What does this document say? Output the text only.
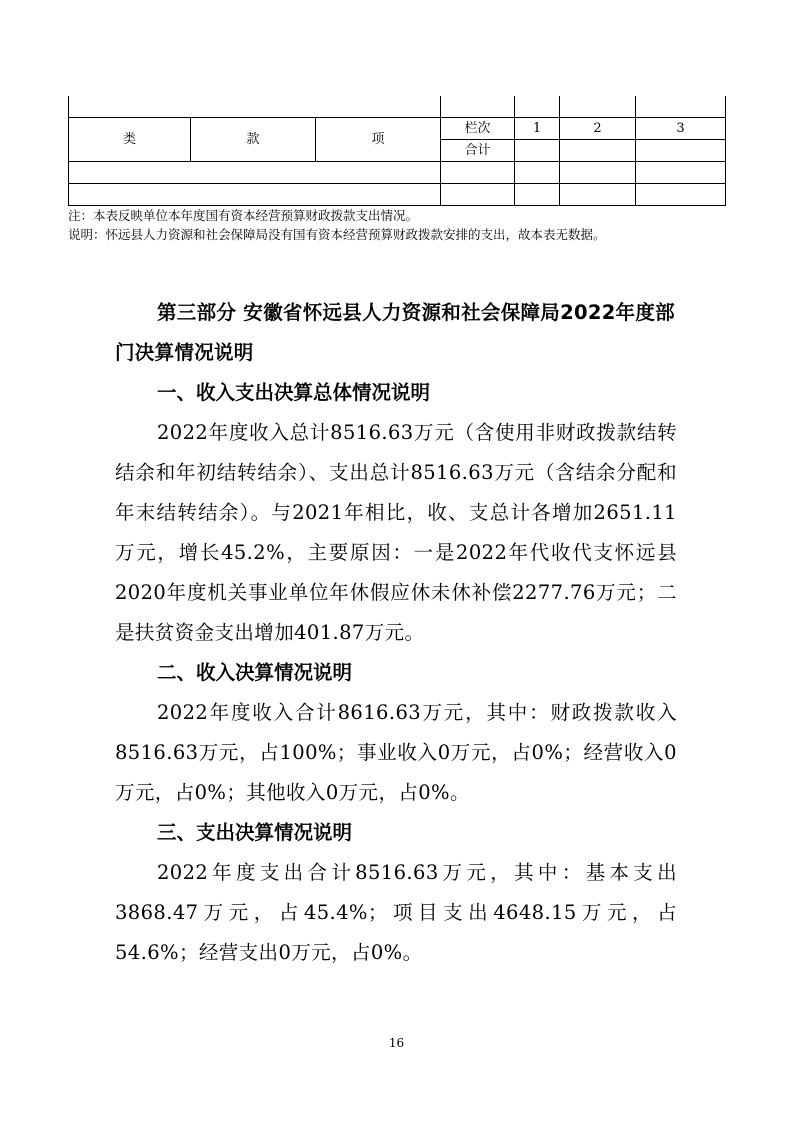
类	款	项	栏次	1	2	3
			合计			

注：本表反映单位本年度国有资本经营预算财政拨款支出情况。

说明：怀远县人力资源和社会保障局没有国有资本经营预算财政拨款安排的支出，故本表无数据。

第三部分 安徽省怀远县人力资源和社会保障局2022年度部门决算情况说明

一、收入支出决算总体情况说明

2022年度收入总计8516.63万元（含使用非财政拨款结转结余和年初结转结余）、支出总计8516.63万元（含结余分配和年末结转结余）。与2021年相比，收、支总计各增加2651.11万元，增长45.2%，主要原因：一是2022年代收代支怀远县2020年度机关事业单位年休假应休未休补偿2277.76万元；二是扶贫资金支出增加401.87万元。

二、收入决算情况说明

2022年度收入合计8616.63万元，其中：财政拨款收入8516.63万元，占100%；事业收入0万元，占0%；经营收入0万元，占0%；其他收入0万元，占0%。

三、支出决算情况说明

2022年度支出合计8516.63万元，其中：基本支出3868.47万元，占45.4%；项目支出4648.15万元，占54.6%；经营支出0万元，占0%。

16
